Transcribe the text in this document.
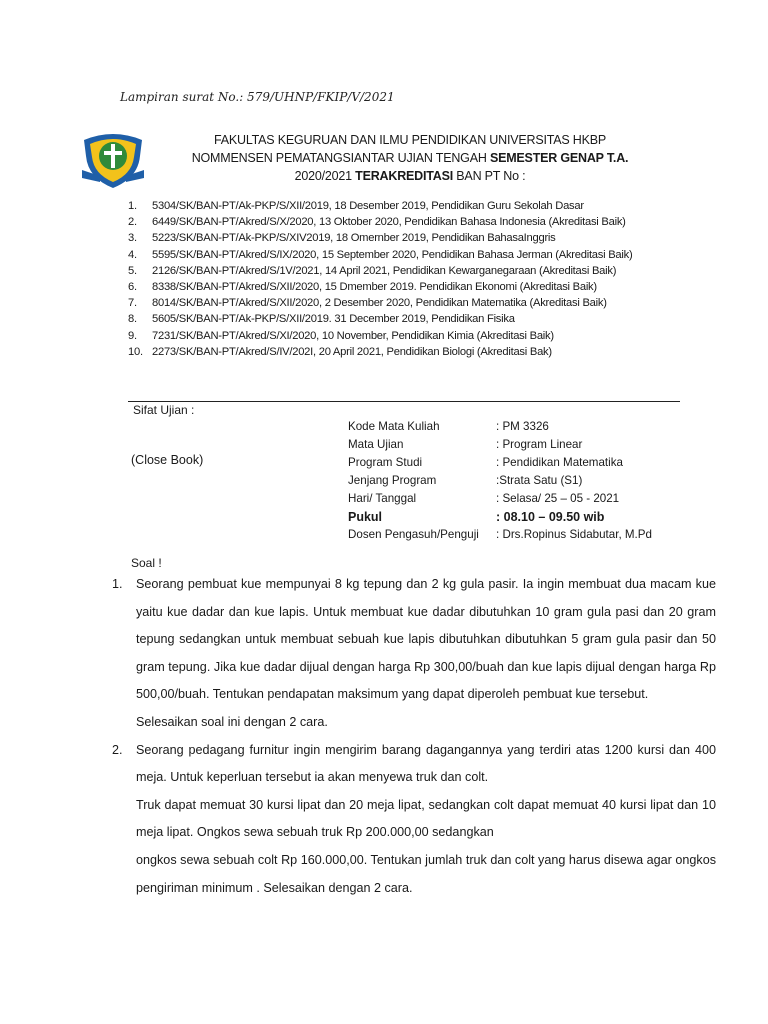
Lampiran surat No.: 579/UHNP/FKIP/V/2021
FAKULTAS KEGURUAN DAN ILMU PENDIDIKAN UNIVERSITAS HKBP
NOMMENSEN PEMATANGSIANTAR UJIAN TENGAH SEMESTER GENAP T.A.
2020/2021 TERAKREDITASI BAN PT No :
1.	5304/SK/BAN-PT/Ak-PKP/S/XII/2019, 18 Desember 2019, Pendidikan Guru Sekolah Dasar
2.	6449/SK/BAN-PT/Akred/S/X/2020, 13 Oktober 2020, Pendidikan Bahasa Indonesia (Akreditasi Baik)
3.	5223/SK/BAN-PT/Ak-PKP/S/XIV2019, 18 Omernber 2019, Pendidikan BahasaInggris
4.	5595/SK/BAN-PT/Akred/S/IX/2020, 15 September 2020, Pendidikan Bahasa Jerman (Akreditasi Baik)
5.	2126/SK/BAN-PT/Akred/S/1V/2021, 14 April 2021, Pendidikan Kewarganegaraan (Akreditasi Baik)
6.	8338/SK/BAN-PT/Akred/S/XII/2020, 15 Dmember 2019. Pendidikan Ekonomi (Akreditasi Baik)
7.	8014/SK/BAN-PT/Akred/S/XII/2020, 2 Desember 2020, Pendidikan Matematika (Akreditasi Baik)
8.	5605/SK/BAN-PT/Ak-PKP/S/XII/2019. 31 December 2019, Pendidikan Fisika
9.	7231/SK/BAN-PT/Akred/S/XI/2020, 10 November, Pendidikan Kimia (Akreditasi Baik)
10. 2273/SK/BAN-PT/Akred/S/IV/202I, 20 April 2021, Pendidikan Biologi (Akreditasi Bak)
Sifat Ujian :
(Close Book)
Kode Mata Kuliah	: PM 3326
Mata Ujian	: Program Linear
Program Studi	: Pendidikan Matematika
Jenjang Program	:Strata Satu (S1)
Hari/ Tanggal	: Selasa/ 25 – 05 - 2021
Pukul	: 08.10 – 09.50 wib
Dosen Pengasuh/Penguji	: Drs.Ropinus Sidabutar, M.Pd
Soal !
1.	Seorang pembuat kue mempunyai 8 kg tepung dan 2 kg gula pasir. Ia ingin membuat dua macam kue yaitu kue dadar dan kue lapis. Untuk membuat kue dadar dibutuhkan 10 gram gula pasi dan 20 gram tepung sedangkan untuk membuat sebuah kue lapis dibutuhkan dibutuhkan 5 gram gula pasir dan 50 gram tepung. Jika kue dadar dijual dengan harga Rp 300,00/buah dan kue lapis dijual dengan harga Rp 500,00/buah. Tentukan pendapatan maksimum yang dapat diperoleh pembuat kue tersebut.

Selesaikan soal ini dengan 2 cara.

2.	Seorang pedagang furnitur ingin mengirim barang dagangannya yang terdiri atas 1200 kursi dan 400 meja. Untuk keperluan tersebut ia akan menyewa truk dan colt.

Truk dapat memuat 30 kursi lipat dan 20 meja lipat, sedangkan colt dapat memuat 40 kursi lipat dan 10 meja lipat. Ongkos sewa sebuah truk Rp 200.000,00 sedangkan

ongkos sewa sebuah colt Rp 160.000,00. Tentukan jumlah truk dan colt yang harus disewa agar ongkos pengiriman minimum . Selesaikan dengan 2 cara.
